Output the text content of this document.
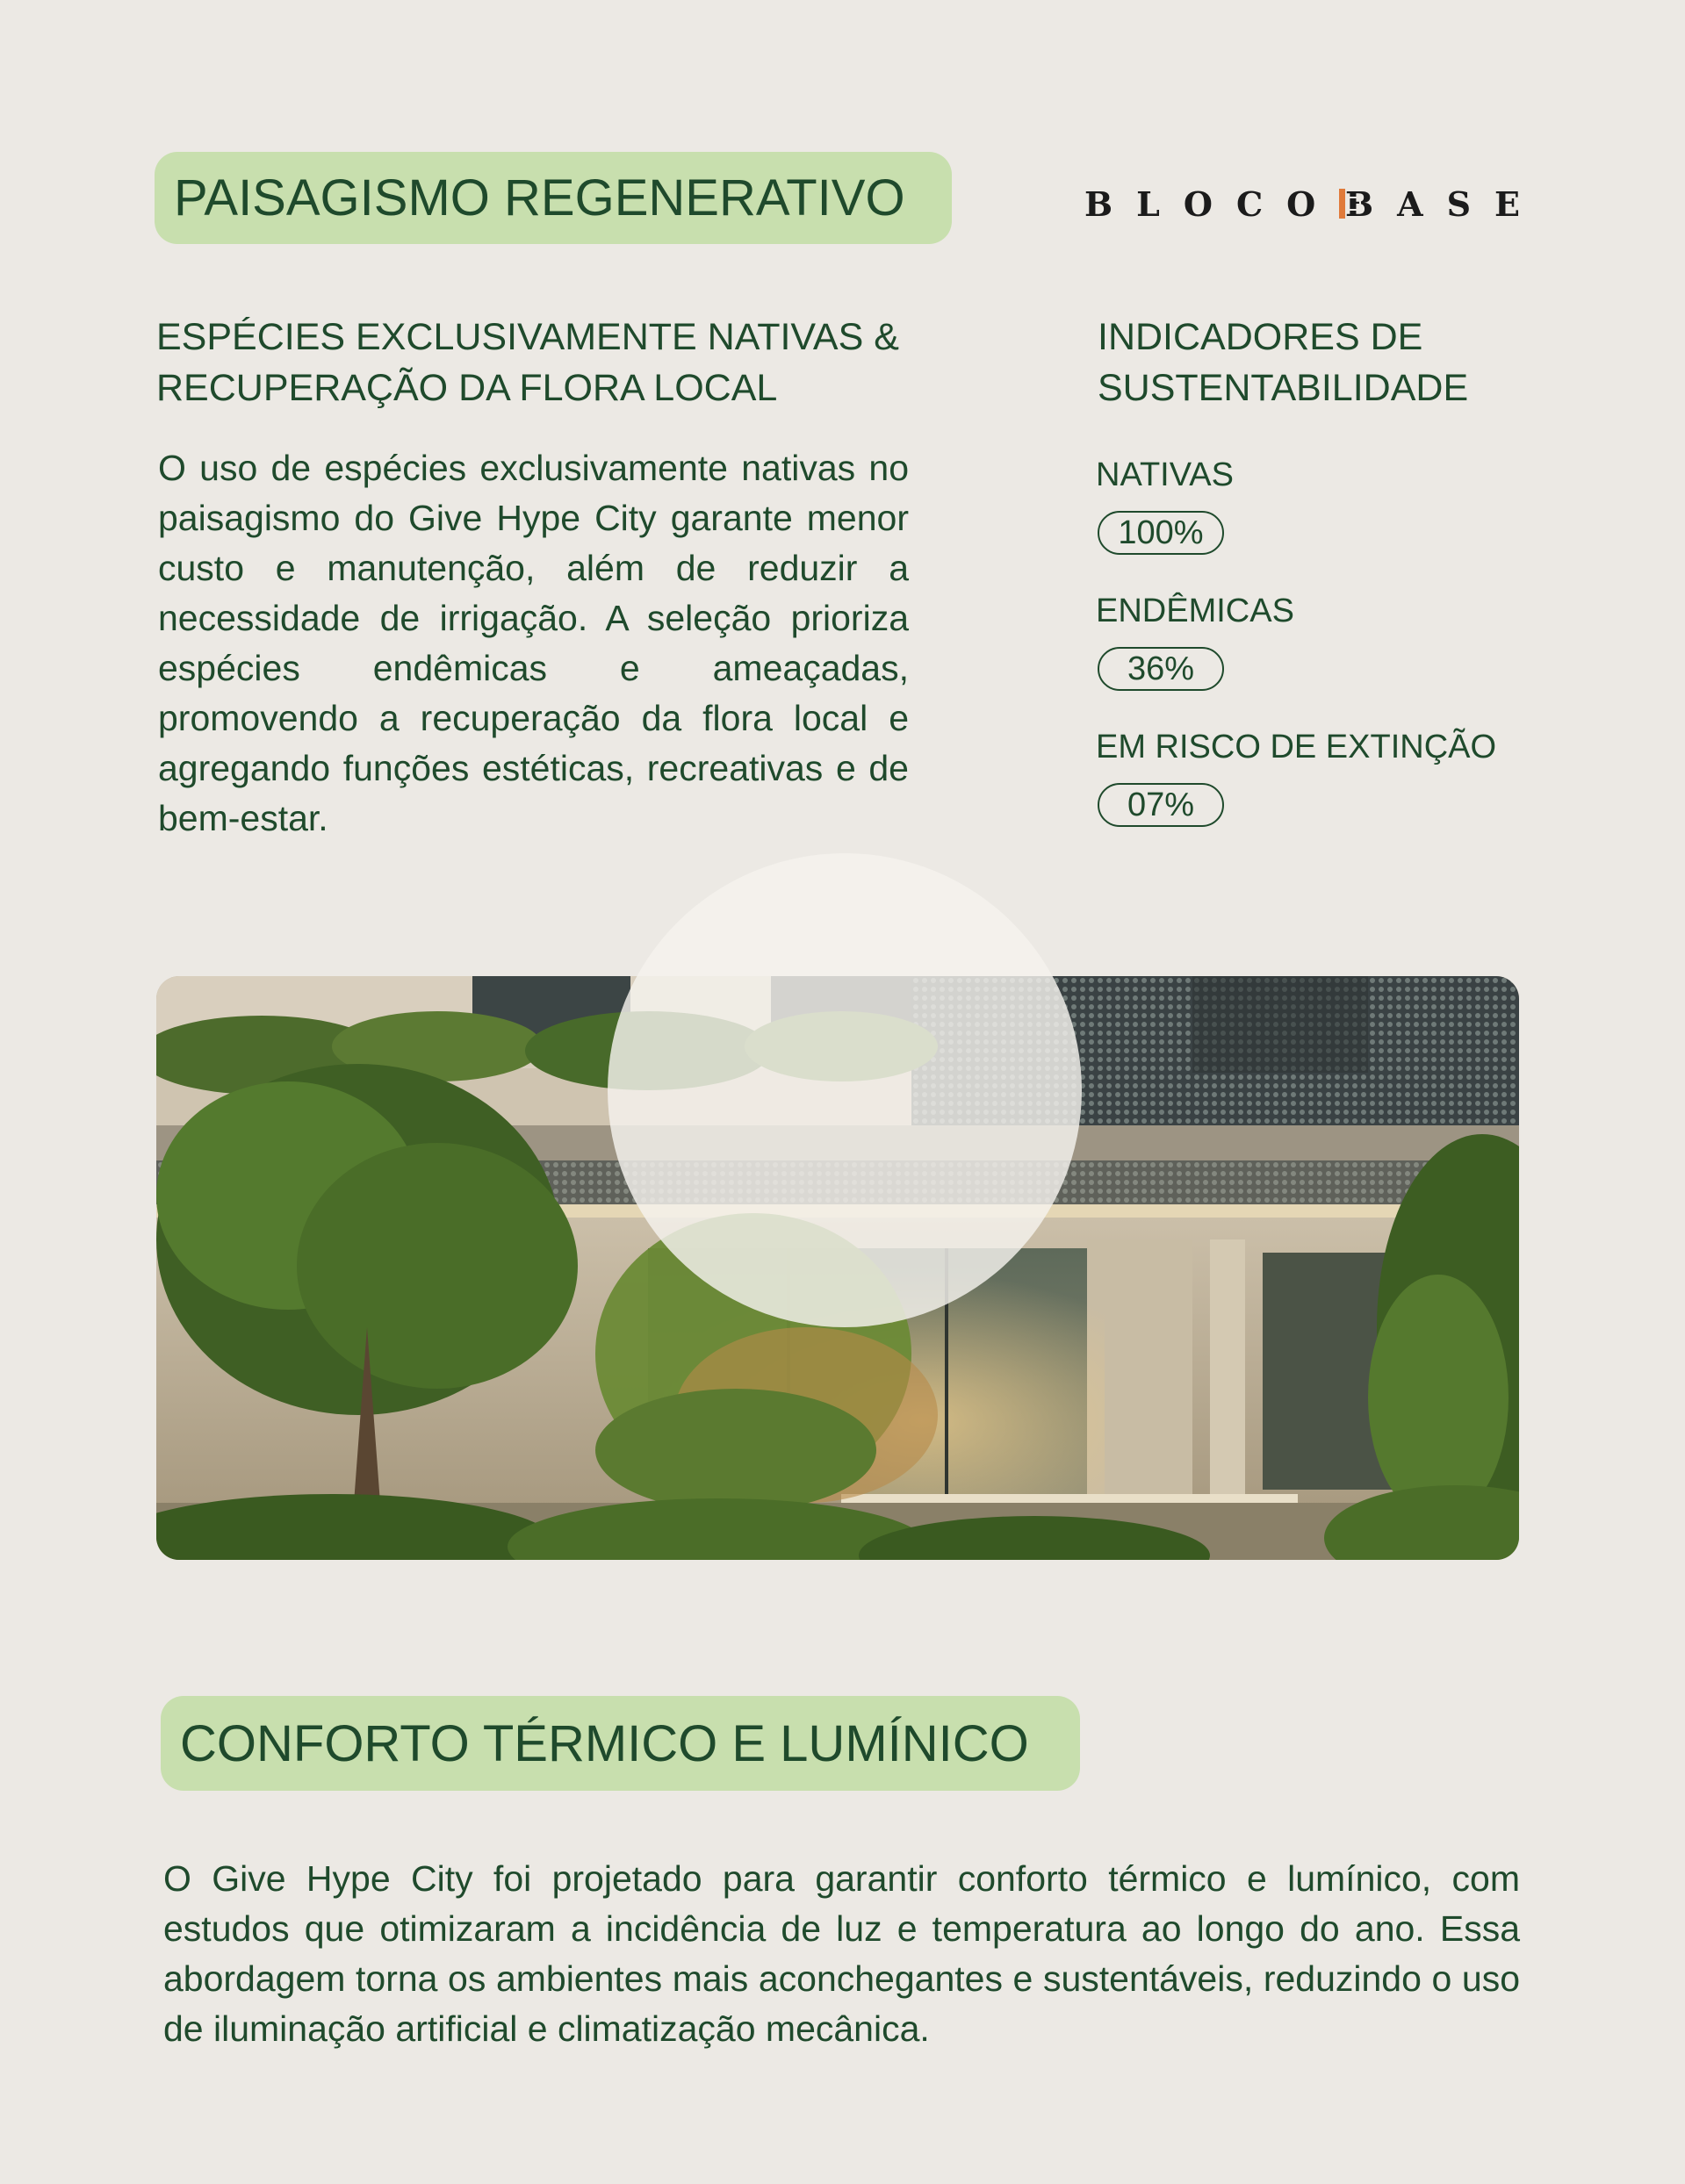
PAISAGISMO REGENERATIVO	BLOCO BASE
ESPÉCIES EXCLUSIVAMENTE NATIVAS & RECUPERAÇÃO DA FLORA LOCAL
O uso de espécies exclusivamente nativas no paisagismo do Give Hype City garante menor custo e manutenção, além de reduzir a necessidade de irrigação. A seleção prioriza espécies endêmicas e ameaçadas, promovendo a recuperação da flora local e agregando funções estéticas, recreativas e de bem-estar.
INDICADORES DE SUSTENTABILIDADE
NATIVAS
100%
ENDÊMICAS
36%
EM RISCO DE EXTINÇÃO
07%
CONFORTO TÉRMICO E LUMÍNICO
O Give Hype City foi projetado para garantir conforto térmico e lumínico, com estudos que otimizaram a incidência de luz e temperatura ao longo do ano. Essa abordagem torna os ambientes mais aconchegantes e sustentáveis, reduzindo o uso de iluminação artificial e climatização mecânica.
